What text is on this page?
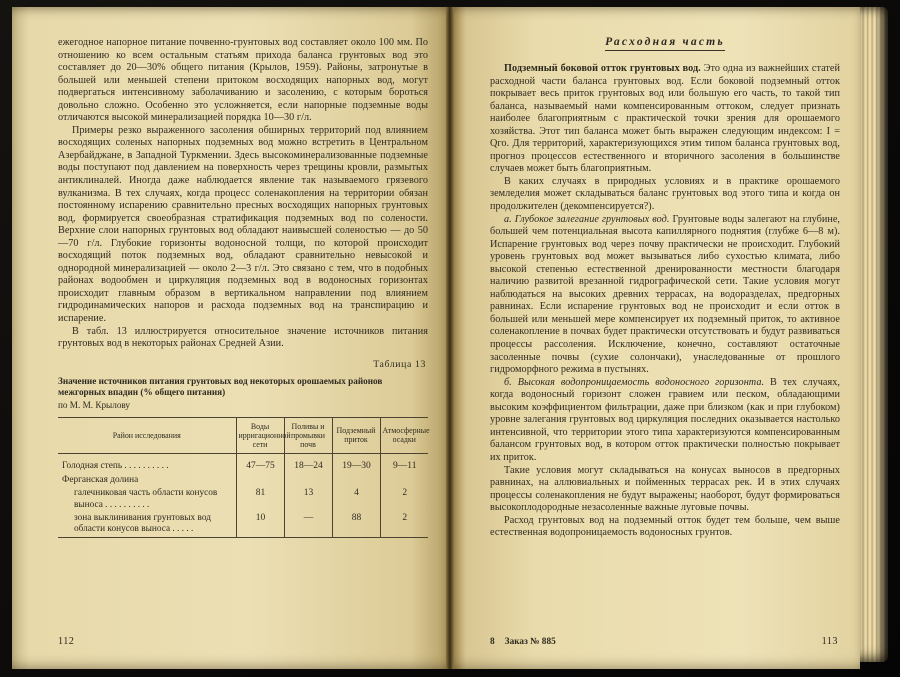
ежегодное напорное питание почвенно-грунтовых вод составляет около 100 мм. По отношению ко всем остальным статьям прихода баланса грунтовых вод это составляет до 20—30% общего питания (Крылов, 1959). Районы, затронутые в большей или меньшей степени притоком восходящих напорных вод, могут подвергаться интенсивному заболачиванию и засолению, с которым бороться довольно сложно. Особенно это усложняется, если напорные подземные воды отличаются высокой минерализацией порядка 10—30 г/л.

Примеры резко выраженного засоления обширных территорий под влиянием восходящих соленых напорных подземных вод можно встретить в Центральном Азербайджане, в Западной Туркмении. Здесь высокоминерализованные подземные воды поступают под давлением на поверхность через трещины кровли, размытых антиклиналей. Иногда даже наблюдается явление так называемого грязевого вулканизма. В тех случаях, когда процесс соленакопления на территории обязан постоянному испарению сравнительно пресных восходящих напорных грунтовых вод, формируется своеобразная стратификация подземных вод по солености. Верхние слои напорных грунтовых вод обладают наивысшей соленостью — до 50—70 г/л. Глубокие горизонты водоносной толщи, по которой происходит восходящий поток подземных вод, обладают сравнительно невысокой и однородной минерализацией — около 2—3 г/л. Это связано с тем, что в подобных районах водообмен и циркуляция подземных вод в водоносных горизонтах происходит главным образом в вертикальном направлении под влиянием гидродинамических напоров и расхода подземных вод на транспирацию и испарение.

В табл. 13 иллюстрируется относительное значение источников питания грунтовых вод в некоторых районах Средней Азии.

Таблица 13
Значение источников питания грунтовых вод некоторых орошаемых районов межгорных впадин (% общего питания)
по М. М. Крылову
Район исследования	Воды ирригационной сети	Поливы и промывки почв	Подземный приток	Атмосферные осадки
Голодная степь . . . . . . . . . .	47—75	18—24	19—30	9—11
Ферганская долина				
галечниковая часть области конусов выноса . . . . . . . . . .	81	13	4	2
зона выклинивания грунтовых вод области конусов выноса . . . . .	10	—	88	2
112
Расходная часть

Подземный боковой отток грунтовых вод. Это одна из важнейших статей расходной части баланса грунтовых вод. Если боковой подземный отток покрывает весь приток грунтовых вод или большую его часть, то такой тип баланса, называемый нами компенсированным оттоком, следует признать наиболее благоприятным с практической точки зрения для орошаемого хозяйства. Этот тип баланса может быть выражен следующим индексом: I = Qго. Для территорий, характеризующихся этим типом баланса грунтовых вод, прогноз процессов естественного и вторичного засоления в большинстве случаев может быть благоприятным.

В каких случаях в природных условиях и в практике орошаемого земледелия может складываться баланс грунтовых вод этого типа и когда он продолжителен (декомпенсируется?).

а. Глубокое залегание грунтовых вод. Грунтовые воды залегают на глубине, большей чем потенциальная высота капиллярного поднятия (глубже 6—8 м). Испарение грунтовых вод через почву практически не происходит. Глубокий уровень грунтовых вод может вызываться либо сухостью климата, либо высокой степенью естественной дренированности местности благодаря наличию развитой врезанной гидрографической сети. Такие условия могут наблюдаться на высоких древних террасах, на водоразделах, предгорных равнинах. Если испарение грунтовых вод не происходит и если отток в большей или меньшей мере компенсирует их подземный приток, то активное соленакопление в почвах будет практически отсутствовать и будут развиваться процессы рассоления. Исключение, конечно, составляют остаточные засоленные почвы (сухие солончаки), унаследованные от прошлого гидроморфного режима в пустынях.

б. Высокая водопроницаемость водоносного горизонта. В тех случаях, когда водоносный горизонт сложен гравием или песком, обладающими высоким коэффициентом фильтрации, даже при близком (как и при глубоком) уровне залегания грунтовых вод циркуляция последних оказывается настолько интенсивной, что территории этого типа характеризуются компенсированным балансом грунтовых вод, в котором отток практически полностью покрывает их приток.

Такие условия могут складываться на конусах выносов в предгорных равнинах, на аллювиальных и пойменных террасах рек. И в этих случаях процессы соленакопления не будут выражены; наоборот, будут формироваться высокоплодородные незасоленные важные луговые почвы.

Расход грунтовых вод на подземный отток будет тем больше, чем выше естественная водопроницаемость водоносных грунтов.

8 Заказ № 885	113
